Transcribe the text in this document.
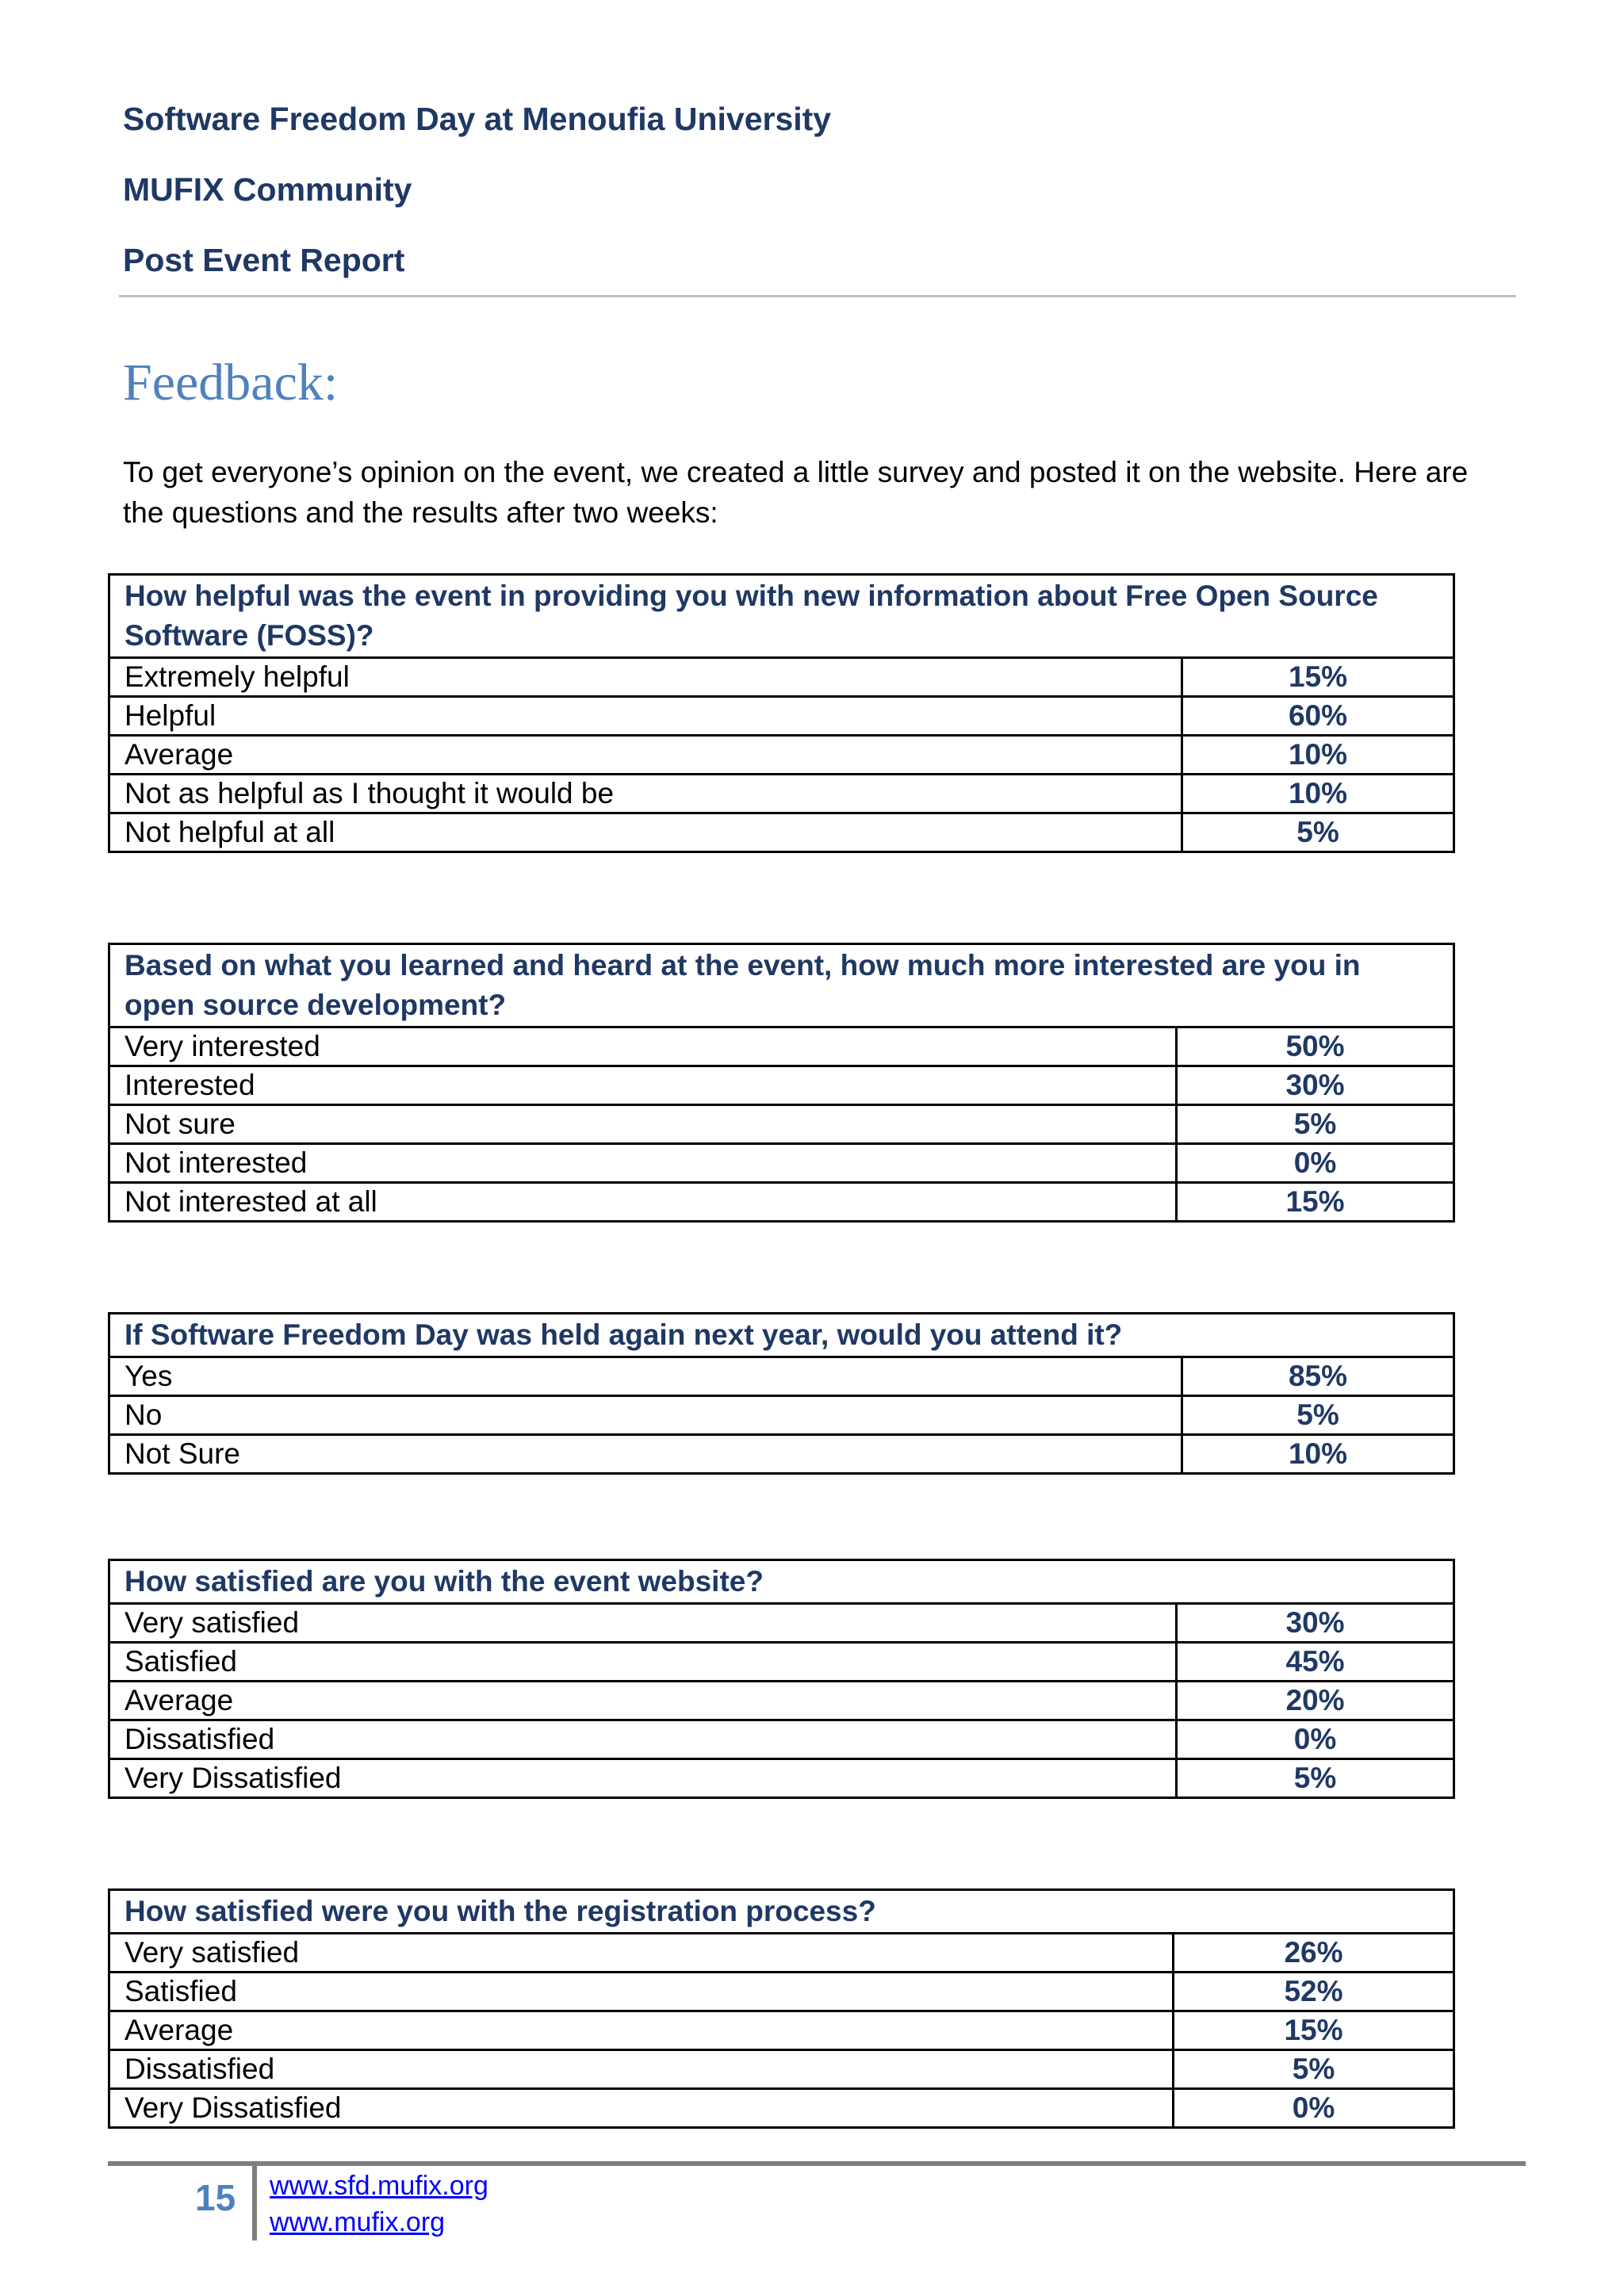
Software Freedom Day at Menoufia University
MUFIX Community
Post Event Report
Feedback:

To get everyone’s opinion on the event, we created a little survey and posted it on the website. Here are the questions and the results after two weeks:

How helpful was the event in providing you with new information about Free Open Source Software (FOSS)?	
Extremely helpful	15%
Helpful	60%
Average	10%
Not as helpful as I thought it would be	10%
Not helpful at all	5%
Based on what you learned and heard at the event, how much more interested are you in open source development?	
Very interested	50%
Interested	30%
Not sure	5%
Not interested	0%
Not interested at all	15%
If Software Freedom Day was held again next year, would you attend it?	
Yes	85%
No	5%
Not Sure	10%
How satisfied are you with the event website?	
Very satisfied	30%
Satisfied	45%
Average	20%
Dissatisfied	0%
Very Dissatisfied	5%
How satisfied were you with the registration process?	
Very satisfied	26%
Satisfied	52%
Average	15%
Dissatisfied	5%
Very Dissatisfied	0%
15 www.sfd.mufix.org
www.mufix.org
